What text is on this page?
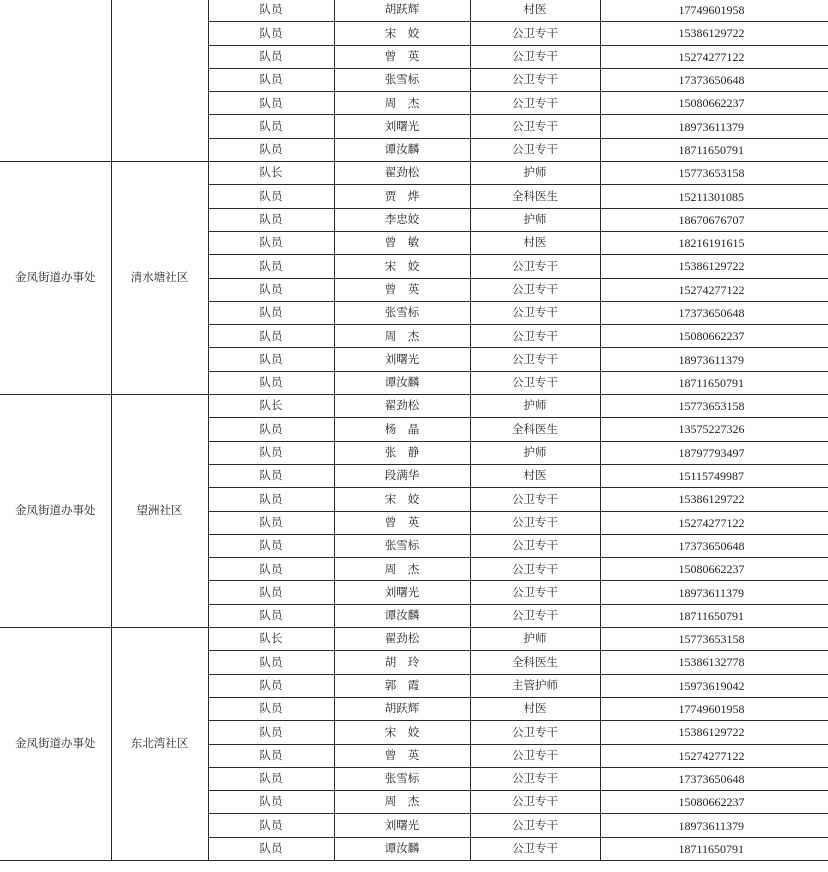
		队员	胡跃辉	村医	17749601958
		队员	宋　姣	公卫专干	15386129722
		队员	曾　英	公卫专干	15274277122
		队员	张雪标	公卫专干	17373650648
		队员	周　杰	公卫专干	15080662237
		队员	刘曙光	公卫专干	18973611379
		队员	谭汝麟	公卫专干	18711650791
金凤街道办事处	清水塘社区	队长	翟劲松	护师	15773653158
		队员	贾　烨	全科医生	15211301085
		队员	李忠姣	护师	18670676707
		队员	曾　敏	村医	18216191615
		队员	宋　姣	公卫专干	15386129722
		队员	曾　英	公卫专干	15274277122
		队员	张雪标	公卫专干	17373650648
		队员	周　杰	公卫专干	15080662237
		队员	刘曙光	公卫专干	18973611379
		队员	谭汝麟	公卫专干	18711650791
金凤街道办事处	望洲社区	队长	翟劲松	护师	15773653158
		队员	杨　晶	全科医生	13575227326
		队员	张　静	护师	18797793497
		队员	段满华	村医	15115749987
		队员	宋　姣	公卫专干	15386129722
		队员	曾　英	公卫专干	15274277122
		队员	张雪标	公卫专干	17373650648
		队员	周　杰	公卫专干	15080662237
		队员	刘曙光	公卫专干	18973611379
		队员	谭汝麟	公卫专干	18711650791
金凤街道办事处	东北湾社区	队长	翟劲松	护师	15773653158
		队员	胡　玲	全科医生	15386132778
		队员	郭　霞	主管护师	15973619042
		队员	胡跃辉	村医	17749601958
		队员	宋　姣	公卫专干	15386129722
		队员	曾　英	公卫专干	15274277122
		队员	张雪标	公卫专干	17373650648
		队员	周　杰	公卫专干	15080662237
		队员	刘曙光	公卫专干	18973611379
		队员	谭汝麟	公卫专干	18711650791
